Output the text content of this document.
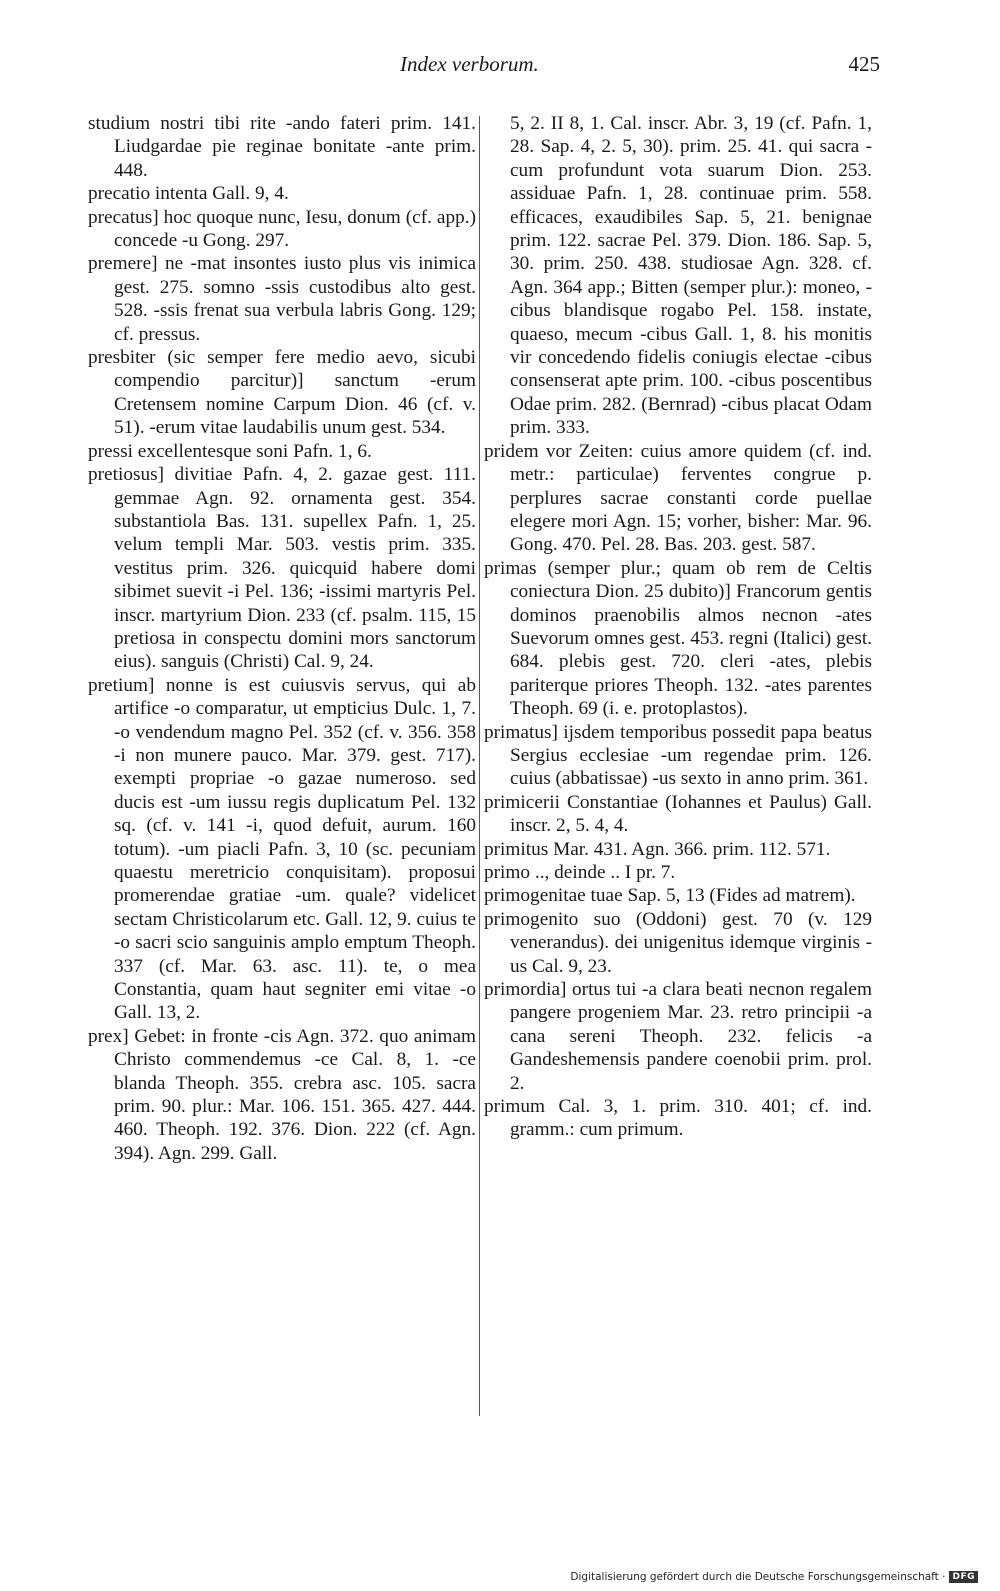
Index verborum.	425

studium nostri tibi rite -ando fateri prim. 141. Liudgardae pie reginae bonitate -ante prim. 448.

precatio intenta Gall. 9, 4.

precatus] hoc quoque nunc, Iesu, donum (cf. app.) concede -u Gong. 297.

premere] ne -mat insontes iusto plus vis inimica gest. 275. somno -ssis custodibus alto gest. 528. -ssis frenat sua verbula labris Gong. 129; cf. pressus.

presbiter (sic semper fere medio aevo, sicubi compendio parcitur)] sanctum -erum Cretensem nomine Carpum Dion. 46 (cf. v. 51). -erum vitae laudabilis unum gest. 534.

pressi excellentesque soni Pafn. 1, 6.

pretiosus] divitiae Pafn. 4, 2. gazae gest. 111. gemmae Agn. 92. ornamenta gest. 354. substantiola Bas. 131. supellex Pafn. 1, 25. velum templi Mar. 503. vestis prim. 335. vestitus prim. 326. quicquid habere domi sibimet suevit -i Pel. 136; -issimi martyris Pel. inscr. martyrium Dion. 233 (cf. psalm. 115, 15 pretiosa in conspectu domini mors sanctorum eius). sanguis (Christi) Cal. 9, 24.

pretium] nonne is est cuiusvis servus, qui ab artifice -o comparatur, ut empticius Dulc. 1, 7. -o vendendum magno Pel. 352 (cf. v. 356. 358 -i non munere pauco. Mar. 379. gest. 717). exempti propriae -o gazae numeroso. sed ducis est -um iussu regis duplicatum Pel. 132 sq. (cf. v. 141 -i, quod defuit, aurum. 160 totum). -um piacli Pafn. 3, 10 (sc. pecuniam quaestu meretricio conquisitam). proposui promerendae gratiae -um. quale? videlicet sectam Christicolarum etc. Gall. 12, 9. cuius te -o sacri scio sanguinis amplo emptum Theoph. 337 (cf. Mar. 63. asc. 11). te, o mea Constantia, quam haut segniter emi vitae -o Gall. 13, 2.

prex] Gebet: in fronte -cis Agn. 372. quo animam Christo commendemus -ce Cal. 8, 1. -ce blanda Theoph. 355. crebra asc. 105. sacra prim. 90. plur.: Mar. 106. 151. 365. 427. 444. 460. Theoph. 192. 376. Dion. 222 (cf. Agn. 394). Agn. 299. Gall.

5, 2. II 8, 1. Cal. inscr. Abr. 3, 19 (cf. Pafn. 1, 28. Sap. 4, 2. 5, 30). prim. 25. 41. qui sacra -cum profundunt vota suarum Dion. 253. assiduae Pafn. 1, 28. continuae prim. 558. efficaces, exaudibiles Sap. 5, 21. benignae prim. 122. sacrae Pel. 379. Dion. 186. Sap. 5, 30. prim. 250. 438. studiosae Agn. 328. cf. Agn. 364 app.; Bitten (semper plur.): moneo, -cibus blandisque rogabo Pel. 158. instate, quaeso, mecum -cibus Gall. 1, 8. his monitis vir concedendo fidelis coniugis electae -cibus consenserat apte prim. 100. -cibus poscentibus Odae prim. 282. (Bernrad) -cibus placat Odam prim. 333.

pridem vor Zeiten: cuius amore quidem (cf. ind. metr.: particulae) ferventes congrue p. perplures sacrae constanti corde puellae elegere mori Agn. 15; vorher, bisher: Mar. 96. Gong. 470. Pel. 28. Bas. 203. gest. 587.

primas (semper plur.; quam ob rem de Celtis coniectura Dion. 25 dubito)] Francorum gentis dominos praenobilis almos necnon -ates Suevorum omnes gest. 453. regni (Italici) gest. 684. plebis gest. 720. cleri -ates, plebis pariterque priores Theoph. 132. -ates parentes Theoph. 69 (i. e. protoplastos).

primatus] ijsdem temporibus possedit papa beatus Sergius ecclesiae -um regendae prim. 126. cuius (abbatissae) -us sexto in anno prim. 361.

primicerii Constantiae (Iohannes et Paulus) Gall. inscr. 2, 5. 4, 4.

primitus Mar. 431. Agn. 366. prim. 112. 571.

primo .., deinde .. I pr. 7.

primogenitae tuae Sap. 5, 13 (Fides ad matrem).

primogenito suo (Oddoni) gest. 70 (v. 129 venerandus). dei unigenitus idemque virginis -us Cal. 9, 23.

primordia] ortus tui -a clara beati necnon regalem pangere progeniem Mar. 23. retro principii -a cana sereni Theoph. 232. felicis -a Gandeshemensis pandere coenobii prim. prol. 2.

primum Cal. 3, 1. prim. 310. 401; cf. ind. gramm.: cum primum.

Digitalisierung gefördert durch die Deutsche Forschungsgemeinschaft · DFG
